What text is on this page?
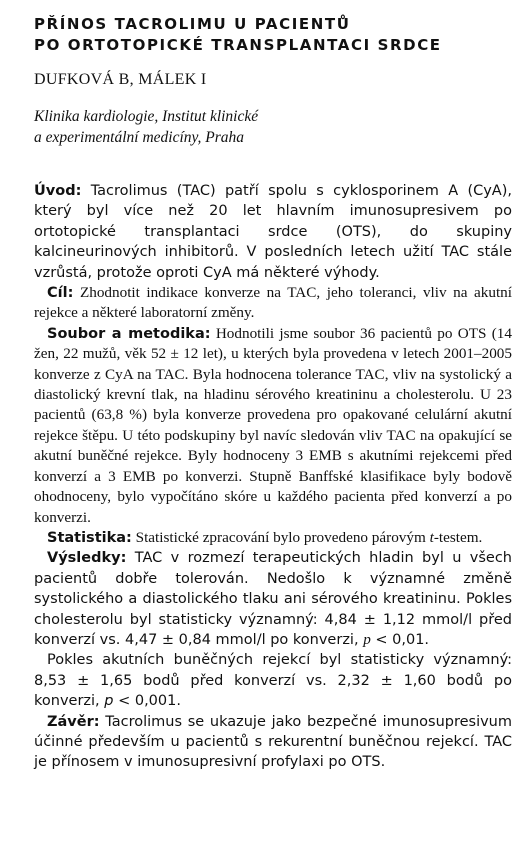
PŘÍNOS TACROLIMU U PACIENTŮ
PO ORTOTOPICKÉ TRANSPLANTACI SRDCE
DUFKOVÁ B, MÁLEK I
Klinika kardiologie, Institut klinické
a experimentální medicíny, Praha

Úvod: Tacrolimus (TAC) patří spolu s cyklosporinem A (CyA), který byl více než 20 let hlavním imunosupresivem po ortotopické transplantaci srdce (OTS), do skupiny kalcineurinových inhibitorů. V posledních letech užití TAC stále vzrůstá, protože oproti CyA má některé výhody.

Cíl: Zhodnotit indikace konverze na TAC, jeho toleranci, vliv na akutní rejekce a některé laboratorní změny.

Soubor a metodika: Hodnotili jsme soubor 36 pacientů po OTS (14 žen, 22 mužů, věk 52 ± 12 let), u kterých byla provedena v letech 2001–2005 konverze z CyA na TAC. Byla hodnocena tolerance TAC, vliv na systolický a diastolický krevní tlak, na hladinu sérového kreatininu a cholesterolu. U 23 pacientů (63,8 %) byla konverze provedena pro opakované celulární akutní rejekce štěpu. U této podskupiny byl navíc sledován vliv TAC na opakující se akutní buněčné rejekce. Byly hodnoceny 3 EMB s akutními rejekcemi před konverzí a 3 EMB po konverzi. Stupně Banffské klasifikace byly bodově ohodnoceny, bylo vypočítáno skóre u každého pacienta před konverzí a po konverzi.

Statistika: Statistické zpracování bylo provedeno párovým t-testem.

Výsledky: TAC v rozmezí terapeutických hladin byl u všech pacientů dobře tolerován. Nedošlo k významné změně systolického a diastolického tlaku ani sérového kreatininu. Pokles cholesterolu byl statisticky významný: 4,84 ± 1,12 mmol/l před konverzí vs. 4,47 ± 0,84 mmol/l po konverzi, p < 0,01.

Pokles akutních buněčných rejekcí byl statisticky významný: 8,53 ± 1,65 bodů před konverzí vs. 2,32 ± 1,60 bodů po konverzi, p < 0,001.

Závěr: Tacrolimus se ukazuje jako bezpečné imunosupresivum účinné především u pacientů s rekurentní buněčnou rejekcí. TAC je přínosem v imunosupresivní profylaxi po OTS.
